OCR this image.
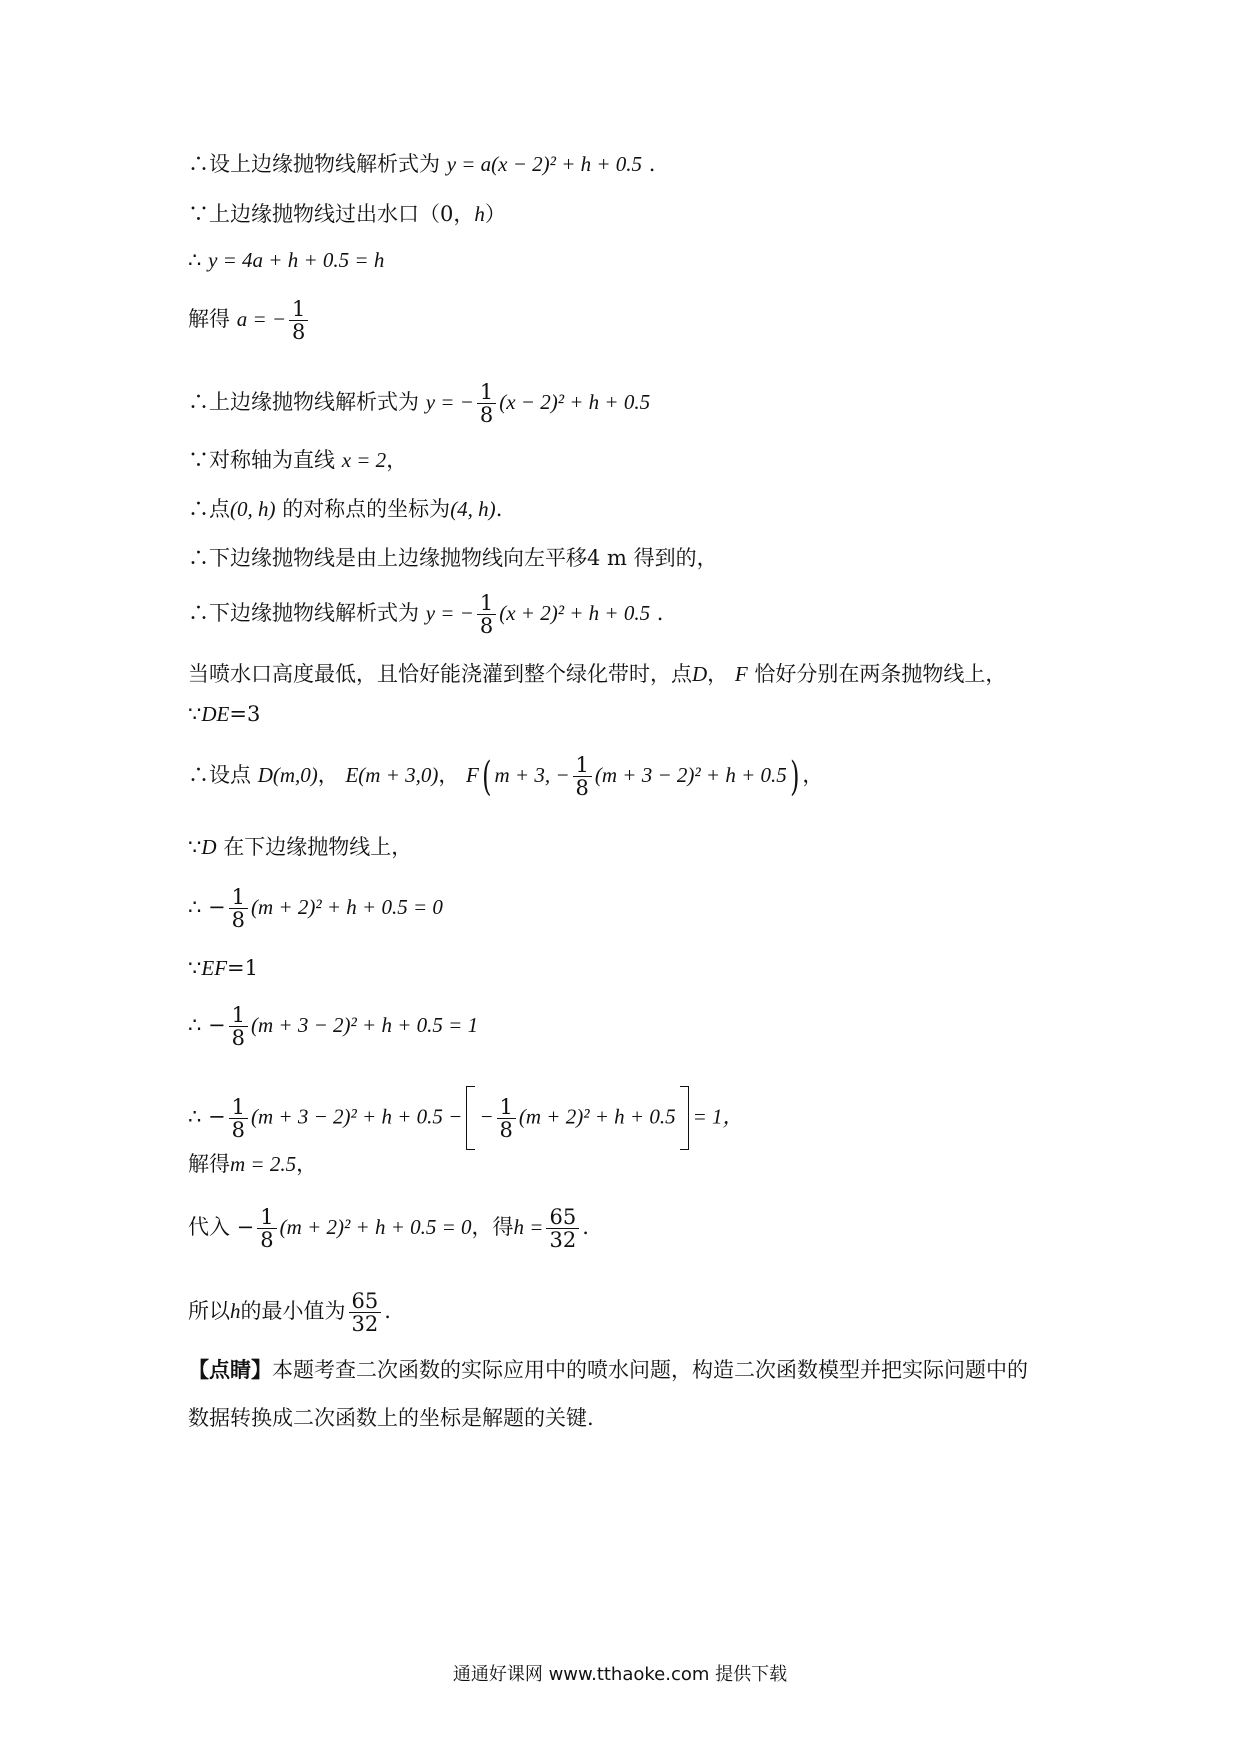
∴设上边缘抛物线解析式为 y = a(x − 2)² + h + 0.5 .
∵上边缘抛物线过出水口（0，h）
∴ y = 4a + h + 0.5 = h
解得 a = − $\frac{1}{8}$
∴上边缘抛物线解析式为 y = − $\frac{1}{8} (x - 2)^2 + h + 0.5$
∵对称轴为直线 x = 2，
∴点(0, h) 的对称点的坐标为(4, h).
∴下边缘抛物线是由上边缘抛物线向左平移4 m 得到的，
∴下边缘抛物线解析式为 y = − $\frac{1}{8} (x + 2)^2 + h + 0.5$ .
当喷水口高度最低，且恰好能浇灌到整个绿化带时，点D， F 恰好分别在两条抛物线上，
∵DE=3
∴设点 D(m,0)， E(m + 3,0)， F( m + 3, − $\frac{1}{8} (m + 3 - 2)^2 + h + 0.5$) ，
∵D 在下边缘抛物线上，
∴ − $\frac{1}{8} (m + 2)^2 + h + 0.5 = 0$
∵EF=1
∴ − $\frac{1}{8} (m + 3 - 2)^2 + h + 0.5 = 1$
∴ − $\frac{1}{8} (m + 3 - 2)^2 + h + 0.5$ − − $\frac{1}{8} (m + 2)^2 + h + 0.5 = 1$，
解得m = 2.5，
代入 − $\frac{1}{8} (m + 2)^2 + h + 0.5 = 0$，得$h = \frac{65}{32}$ .
所以h的最小值为 $\frac{65}{32}$ .
【点睛】本题考查二次函数的实际应用中的喷水问题，构造二次函数模型并把实际问题中的
数据转换成二次函数上的坐标是解题的关键.
通通好课网 www.tthaoke.com 提供下载
